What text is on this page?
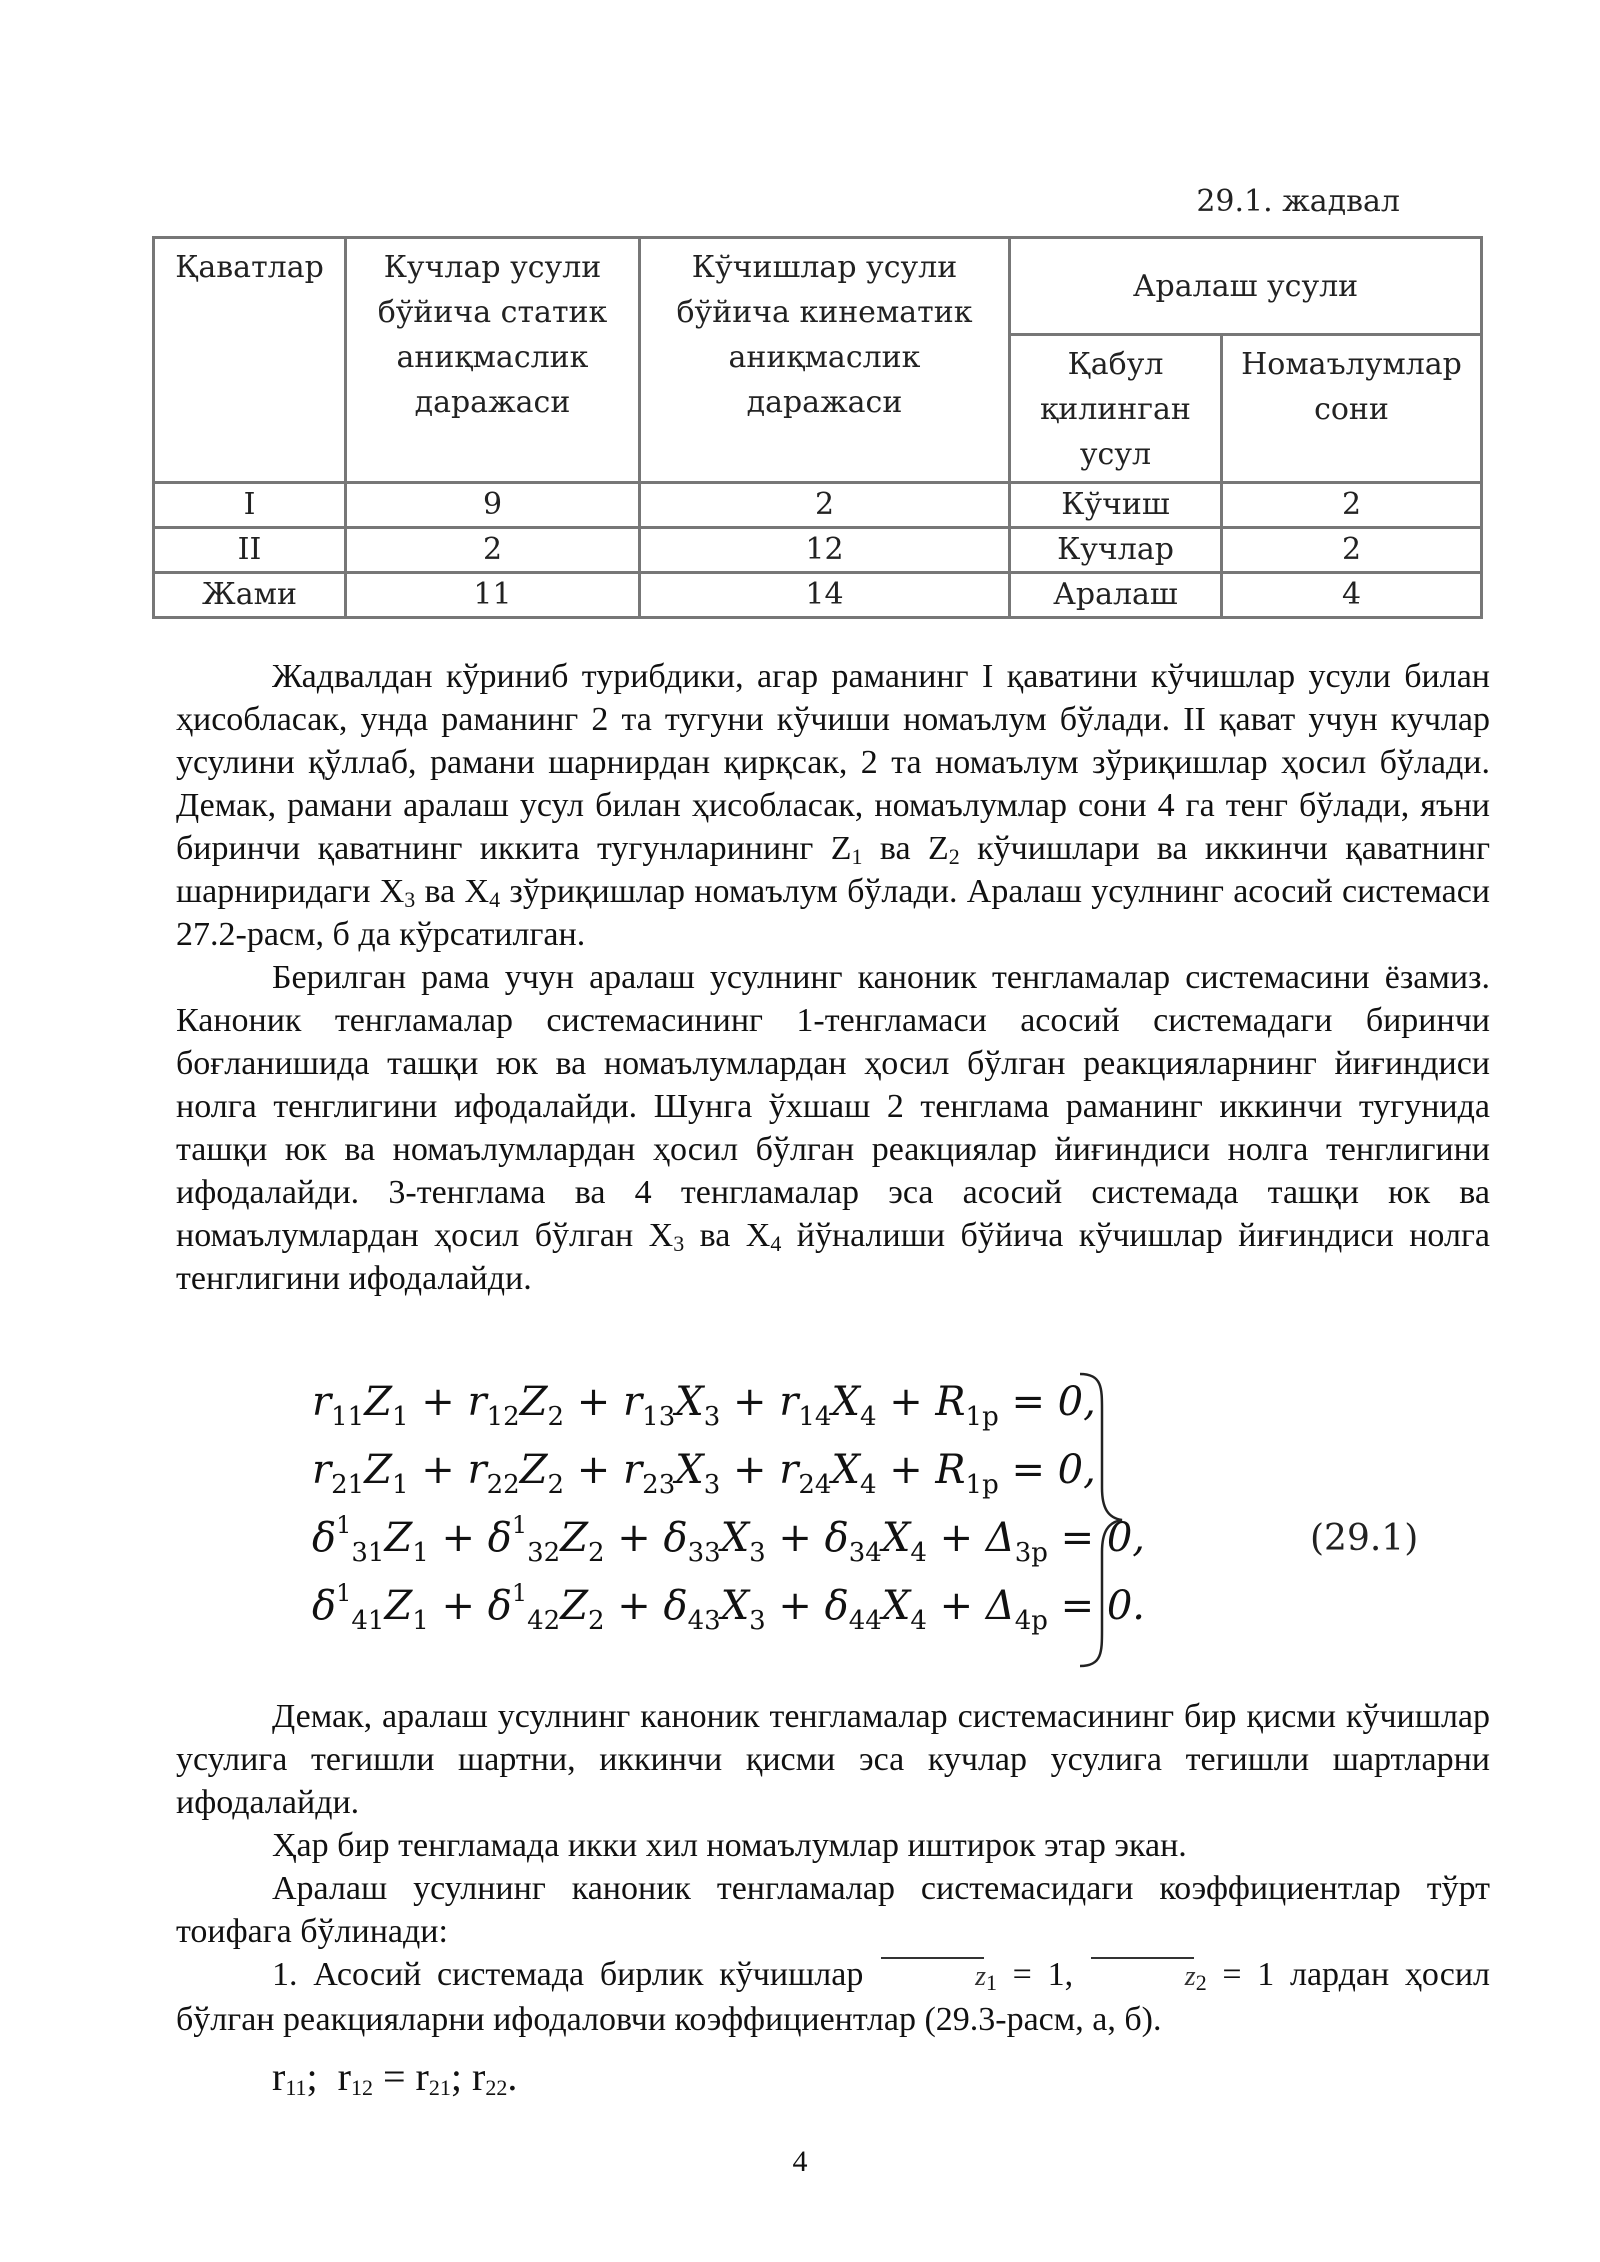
29.1. жадвал
Қаватлар	Кучлар усули бўйича статик аниқмаслик даражаси	Кўчишлар усули бўйича кинематик аниқмаслик даражаси	Аралаш усули	
			Қабул қилинган усул	Номаълумлар сони
I	9	2	Кўчиш	2
II	2	12	Кучлар	2
Жами	11	14	Аралаш	4

Жадвалдан кўриниб турибдики, агар раманинг I қаватини кўчишлар усули билан ҳисобласак, унда раманинг 2 та тугуни кўчиши номаълум бўлади. II қават учун кучлар усулини қўллаб, рамани шарнирдан қирқсак, 2 та номаълум зўриқишлар ҳосил бўлади. Демак, рамани аралаш усул билан ҳисобласак, номаълумлар сони 4 га тенг бўлади, яъни биринчи қаватнинг иккита тугунларининг $Z_1$ ва $Z_2$ кўчишлари ва иккинчи қаватнинг шарниридаги $X_3$ ва $X_4$ зўриқишлар номаълум бўлади. Аралаш усулнинг асосий системаси 27.2-расм, б да кўрсатилган.

Берилган рама учун аралаш усулнинг каноник тенгламалар системасини ёзамиз. Каноник тенгламалар системасининг 1-тенгламаси асосий системадаги биринчи боғланишида ташқи юк ва номаълумлардан ҳосил бўлган реакцияларнинг йиғиндиси нолга тенглигини ифодалайди. Шунга ўхшаш 2 тенглама раманинг иккинчи тугунида ташқи юк ва номаълумлардан ҳосил бўлган реакциялар йиғиндиси нолга тенглигини ифодалайди. 3-тенглама ва 4 тенгламалар эса асосий системада ташқи юк ва номаълумлардан ҳосил бўлган $X_3$ ва $X_4$ йўналиши бўйича кўчишлар йиғиндиси нолга тенглигини ифодалайди.

$r_{11}Z_1 + r_{12}Z_2 + r_{13}X_3 + r_{14}X_4 + R_{1p} = 0$,
$r_{21}Z_1 + r_{22}Z_2 + r_{23}X_3 + r_{24}X_4 + R_{1p} = 0$,
$\delta^1_{31}Z_1 + \delta^1_{32}Z_2 + \delta_{33}X_3 + \delta_{34}X_4 + \Delta_{3p} = 0$,
$\delta^1_{41}Z_1 + \delta^1_{42}Z_2 + \delta_{43}X_3 + \delta_{44}X_4 + \Delta_{4p} = 0$.
(29.1)

Демак, аралаш усулнинг каноник тенгламалар системасининг бир қисми кўчишлар усулига тегишли шартни, иккинчи қисми эса кучлар усулига тегишли шартларни ифодалайди.

Ҳар бир тенгламада икки хил номаълумлар иштирок этар экан.

Аралаш усулнинг каноник тенгламалар системасидаги коэффициентлар тўрт тоифага бўлинади:

1. Асосий системада бирлик кўчишлар	$z_1 = 1$,	$z_2 = 1$ лардан ҳосил бўлган реакцияларни ифодаловчи коэффициентлар (29.3-расм, а, б).

$r_{11}$;  $r_{12} = r_{21}$; $r_{22}$.

4
